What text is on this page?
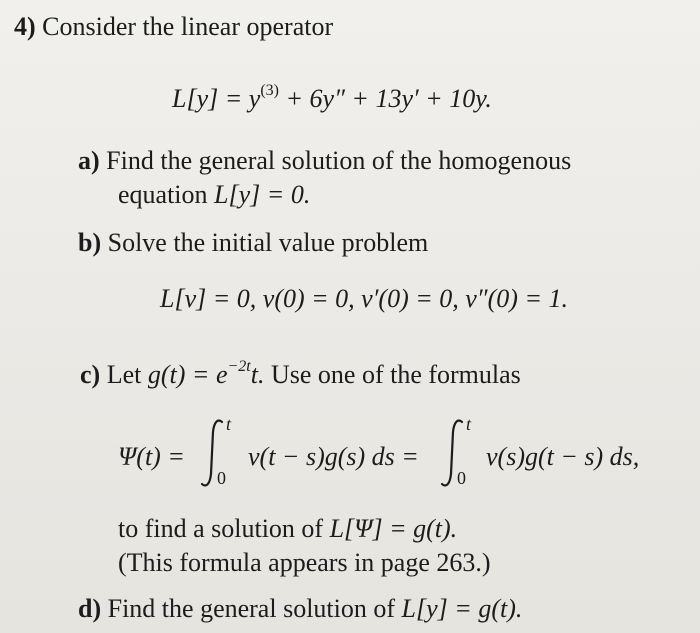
4) Consider the linear operator
$L[y] = y^{(3)} + 6y'' + 13y' + 10y$.
a) Find the general solution of the homogenous
equation L[y] = 0.
b) Solve the initial value problem
L[v] = 0, v(0) = 0, v′(0) = 0, v″(0) = 1.
c) Let $g(t) = e^{-2t}t$. Use one of the formulas
Ψ(t) =
t
0
v(t − s)g(s) ds =
t
0
v(s)g(t − s) ds,
to find a solution of L[Ψ] = g(t).
(This formula appears in page 263.)
d) Find the general solution of L[y] = g(t).
